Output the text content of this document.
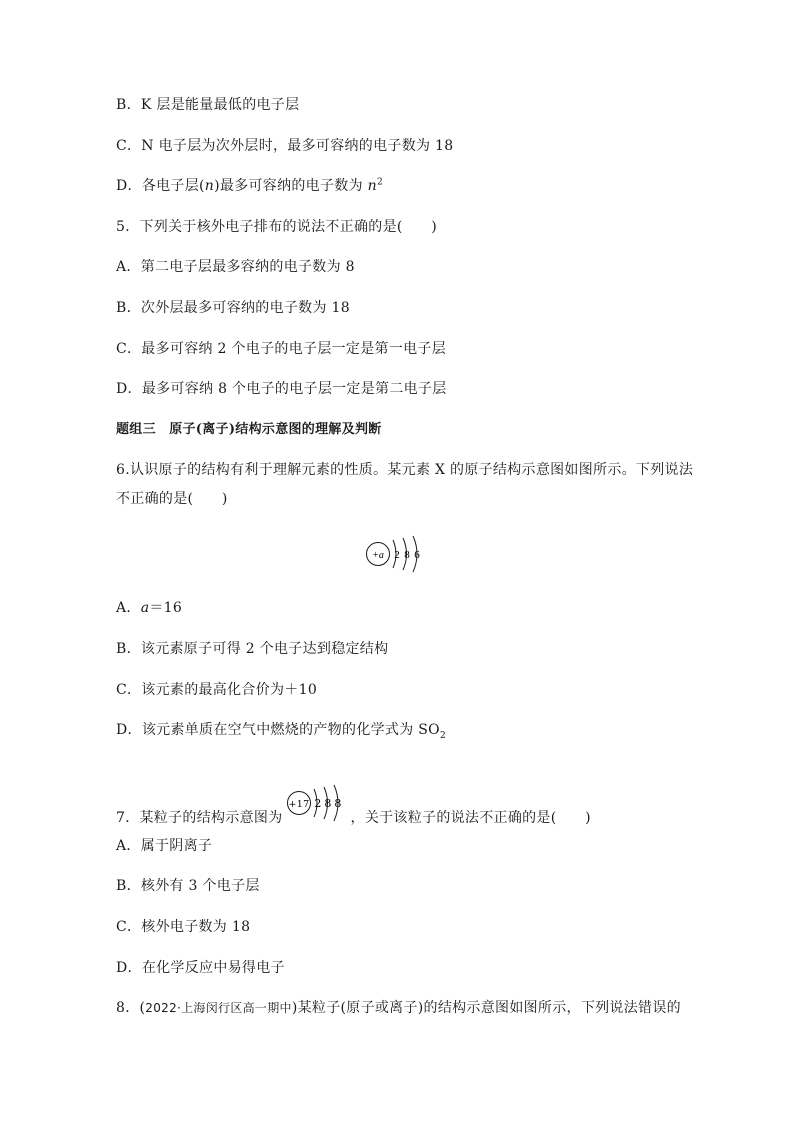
B．K 层是能量最低的电子层
C．N 电子层为次外层时，最多可容纳的电子数为 18
D．各电子层(n)最多可容纳的电子数为 $n^2$
5．下列关于核外电子排布的说法不正确的是(　　)
A．第二电子层最多容纳的电子数为 8
B．次外层最多可容纳的电子数为 18
C．最多可容纳 2 个电子的电子层一定是第一电子层
D．最多可容纳 8 个电子的电子层一定是第二电子层
题组三　原子(离子)结构示意图的理解及判断
6.认识原子的结构有利于理解元素的性质。某元素 X 的原子结构示意图如图所示。下列说法
不正确的是(　　)
+a 2 8 6
A．a＝16
B．该元素原子可得 2 个电子达到稳定结构
C．该元素的最高化合价为＋10
D．该元素单质在空气中燃烧的产物的化学式为 $SO_2$
7．某粒子的结构示意图为
+17 2 8 8
，关于该粒子的说法不正确的是(　　)
A．属于阴离子
B．核外有 3 个电子层
C．核外电子数为 18
D．在化学反应中易得电子
8．(2022·上海闵行区高一期中)某粒子(原子或离子)的结构示意图如图所示，下列说法错误的
